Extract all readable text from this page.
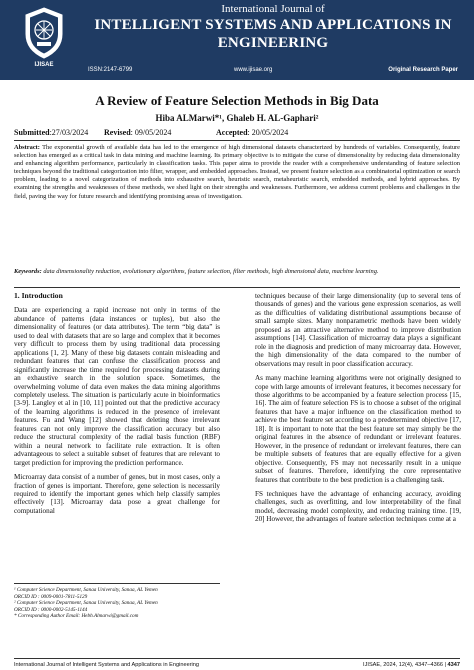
IJISAE
International Journal of
INTELLIGENT SYSTEMS AND APPLICATIONS IN
ENGINEERING
ISSN:2147-6799	www.ijisae.org	Original Research Paper
A Review of Feature Selection Methods in Big Data
Hiba ALMarwi*¹, Ghaleb H. AL-Gaphari²
Submitted:27/03/2024 Revised: 09/05/2024	Accepted: 20/05/2024
Abstract: The exponential growth of available data has led to the emergence of high dimensional datasets characterized by hundreds of variables. Consequently, feature selection has emerged as a critical task in data mining and machine learning. Its primary objective is to mitigate the curse of dimensionality by reducing data dimensionality and enhancing algorithm performance, particularly in classification tasks. This paper aims to provide the reader with a comprehensive understanding of feature selection techniques beyond the traditional categorization into filter, wrapper, and embedded approaches. Instead, we present feature selection as a combinatorial optimization or search problem, leading to a novel categorization of methods into exhaustive search, heuristic search, metaheuristic search, embedded methods, and hybrid approaches. By examining the strengths and weaknesses of these methods, we shed light on their strengths and weaknesses. Furthermore, we address current problems and challenges in the field, paving the way for future research and identifying promising areas of investigation.
Keywords: data dimensionality reduction, evolutionary algorithms, feature selection, filter methods, high dimensional data, machine learning.
1. Introduction

Data are experiencing a rapid increase not only in terms of the abundance of patterns (data instances or tuples), but also the dimensionality of features (or data attributes). The term “big data” is used to deal with datasets that are so large and complex that it becomes very difficult to process them by using traditional data processing applications [1, 2]. Many of these big datasets contain misleading and redundant features that can confuse the classification process and significantly increase the time required for processing datasets during an exhaustive search in the solution space. Sometimes, the overwhelming volume of data even makes the data mining algorithms completely useless. The situation is particularly acute in bioinformatics [3-9]. Langley et al in [10, 11] pointed out that the predictive accuracy of the learning algorithms is reduced in the presence of irrelevant features. Fu and Wang [12] showed that deleting those irrelevant features can not only improve the classification accuracy but also reduce the structural complexity of the radial basis function (RBF) within a neural network to facilitate rule extraction. It is often advantageous to select a suitable subset of features that are relevant to target prediction for improving the prediction performance.

Microarray data consist of a number of genes, but in most cases, only a fraction of genes is important. Therefore, gene selection is necessarily required to identify the important genes which help classify samples effectively [13]. Microarray data pose a great challenge for computational

techniques because of their large dimensionality (up to several tens of thousands of genes) and the various gene expression scenarios, as well as the difficulties of validating distributional assumptions because of small sample sizes. Many nonparametric methods have been widely proposed as an attractive alternative method to improve distribution assumptions [14]. Classification of microarray data plays a significant role in the diagnosis and prediction of many microarray data. However, the high dimensionality of the data compared to the number of observations may result in poor classification accuracy.

As many machine learning algorithms were not originally designed to cope with large amounts of irrelevant features, it becomes necessary for those algorithms to be accompanied by a feature selection process [15, 16]. The aim of feature selection FS is to choose a subset of the original features that have a major influence on the classification method to achieve the best feature set according to a predetermined objective [17, 18]. It is important to note that the best feature set may simply be the original features in the absence of redundant or irrelevant features. However, in the presence of redundant or irrelevant features, there can be multiple subsets of features that are equally effective for a given objective. Consequently, FS may not necessarily result in a unique subset of features. Therefore, identifying the core representative features that contribute to the best prediction is a challenging task.

FS techniques have the advantage of enhancing accuracy, avoiding challenges, such as overfitting, and low interpretability of the final model, decreasing model complexity, and reducing training time. [19, 20] However, the advantages of feature selection techniques come at a

¹ Computer Science Department, Sanaa University, Sanaa, AL Yemen
ORCID ID : 0009-0001-7811-5129
² Computer Science Department, Sanaa University, Sanaa, AL Yemen
ORCID ID : 0000-0002-5145-1144
* Corresponding Author Email: Hebh.Almarwi@gmail.com
International Journal of Intelligent Systems and Applications in Engineering	IJISAE, 2024, 12(4), 4347–4366 | 4347
